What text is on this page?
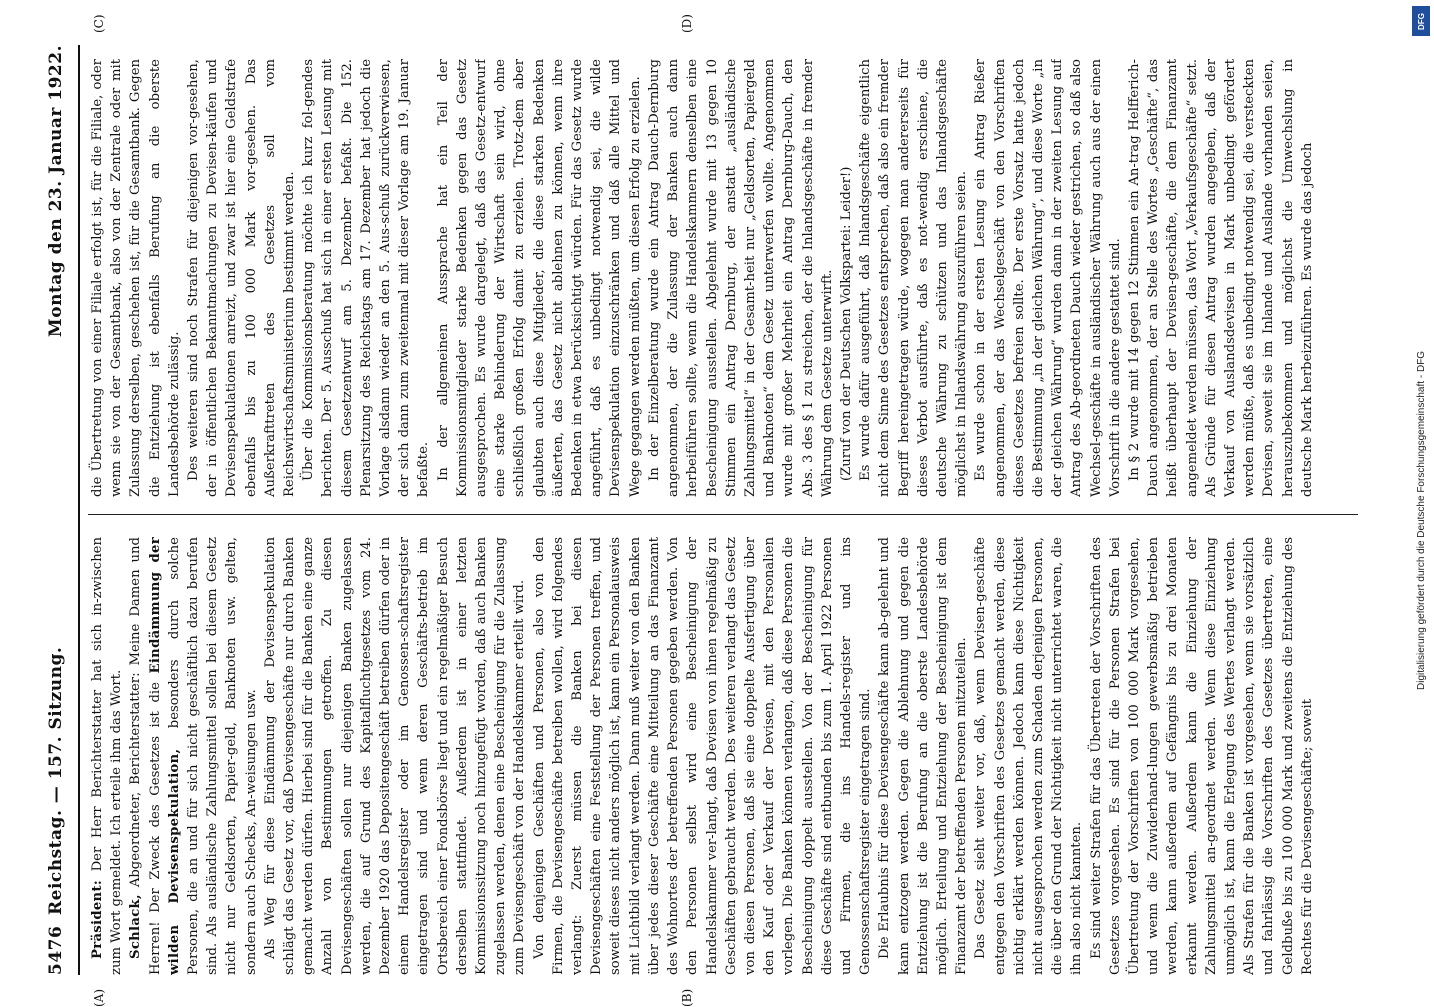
5476
Reichstag. — 157. Sitzung.
Montag den 23. Januar 1922.
(A)	(B)

Präsident: Der Herr Berichterstatter hat sich in-zwischen zum Wort gemeldet. Ich erteile ihm das Wort. Schlack, Abgeordneter, Berichterstatter: Meine Damen und Herren! Der Zweck des Gesetzes ist die Eindämmung der wilden Devisenspekulation, besonders durch solche Personen, die an und für sich nicht geschäftlich dazu berufen sind. Als ausländische Zahlungsmittel sollen bei diesem Gesetz nicht nur Geldsorten, Papier-geld, Banknoten usw. gelten, sondern auch Schecks, An-weisungen usw. Als Weg für diese Eindämmung der Devisenspekulation schlägt das Gesetz vor, daß Devisengeschäfte nur durch Banken gemacht werden dürfen. Hierbei sind für die Banken eine ganze Anzahl von Bestimmungen getroffen. Zu diesen Devisengeschäften sollen nur diejenigen Banken zugelassen werden, die auf Grund des Kapitalfluchtgesetzes vom 24. Dezember 1920 das Depositengeschäft betreiben dürfen oder in einem Handelsregister oder im Genossen-schaftsregister eingetragen sind und wenn deren Geschäfts-betrieb im Ortsbereich einer Fondsbörse liegt und ein regelmäßiger Besuch derselben stattfindet. Außerdem ist in einer letzten Kommissionssitzung noch hinzugefügt worden, daß auch Banken zugelassen werden, denen eine Bescheinigung für die Zulassung zum Devisengeschäft von der Handelskammer erteilt wird. Von denjenigen Geschäften und Personen, also von den Firmen, die Devisengeschäfte betreiben wollen, wird folgendes verlangt: Zuerst müssen die Banken bei diesen Devisengeschäften eine Feststellung der Personen treffen, und soweit dieses nicht anders möglich ist, kann ein Personalausweis mit Lichtbild verlangt werden. Dann muß weiter von den Banken über jedes dieser Geschäfte eine Mitteilung an das Finanzamt des Wohnortes der betreffenden Personen gegeben werden. Von den Personen selbst wird eine Bescheinigung der Handelskammer ver-langt, daß Devisen von ihnen regelmäßig zu Geschäften gebraucht werden. Des weiteren verlangt das Gesetz von diesen Personen, daß sie eine doppelte Ausfertigung über den Kauf oder Verkauf der Devisen, mit den Personalien vorlegen. Die Banken können verlangen, daß diese Personen die Bescheinigung doppelt ausstellen. Von der Bescheinigung für diese Geschäfte sind entbunden bis zum 1. April 1922 Personen und Firmen, die ins Handels-register und ins Genossenschaftsregister eingetragen sind. Die Erlaubnis für diese Devisengeschäfte kann ab-gelehnt und kann entzogen werden. Gegen die Ablehnung und gegen die Entziehung ist die Berufung an die oberste Landesbehörde möglich. Erteilung und Entziehung der Bescheinigung ist dem Finanzamt der betreffenden Personen mitzuteilen. Das Gesetz sieht weiter vor, daß, wenn Devisen-geschäfte entgegen den Vorschriften des Gesetzes gemacht werden, diese nichtig erklärt werden können. Jedoch kann diese Nichtigkeit nicht ausgesprochen werden zum Schaden derjenigen Personen, die über den Grund der Nichtigkeit nicht unterrichtet waren, die ihn also nicht kannten. Es sind weiter Strafen für das Übertreten der Vorschriften des Gesetzes vorgesehen. Es sind für die Personen Strafen bei Übertretung der Vorschriften von 100 000 Mark vorgesehen, und wenn die Zuwiderhand-lungen gewerbsmäßig betrieben werden, kann außerdem auf Gefängnis bis zu drei Monaten erkannt werden. Außerdem kann die Einziehung der Zahlungsmittel an-geordnet werden. Wenn diese Einziehung unmöglich ist, kann die Erlegung des Wertes verlangt werden. Als Strafen für die Banken ist vorgesehen, wenn sie vorsätzlich und fahrlässig die Vorschriften des Gesetzes übertreten, eine Geldbuße bis zu 100 000 Mark und zweitens die Entziehung des Rechtes für die Devisengeschäfte; soweit

die Übertretung von einer Filiale erfolgt ist, für die Filiale, oder wenn sie von der Gesamtbank, also von der Zentrale oder mit Zulassung derselben, geschehen ist, für die Gesamtbank. Gegen die Entziehung ist ebenfalls Berufung an die oberste Landesbehörde zulässig. Des weiteren sind noch Strafen für diejenigen vor-gesehen, der in öffentlichen Bekanntmachungen zu Devisen-käufen und Devisenspekulationen anreizt, und zwar ist hier eine Geldstrafe ebenfalls bis zu 100 000 Mark vor-gesehen. Das Außerkrafttreten des Gesetzes soll vom Reichswirtschaftsministerium bestimmt werden. Über die Kommissionsberatung möchte ich kurz fol-gendes berichten. Der 5. Ausschuß hat sich in einer ersten Lesung mit diesem Gesetzentwurf am 5. Dezember befaßt. Die 152. Plenarsitzung des Reichstags am 17. Dezember hat jedoch die Vorlage alsdann wieder an den 5. Aus-schuß zurückverwiesen, der sich dann zum zweitenmal mit dieser Vorlage am 19. Januar befaßte. In der allgemeinen Aussprache hat ein Teil der Kommissionsmitglieder starke Bedenken gegen das Gesetz ausgesprochen. Es wurde dargelegt, daß das Gesetz-entwurf eine starke Behinderung der Wirtschaft sein wird, ohne schließlich großen Erfolg damit zu erzielen. Trotz-dem aber glaubten auch diese Mitglieder, die diese starken Bedenken äußerten, das Gesetz nicht ablehnen zu können, wenn ihre Bedenken in etwa berücksichtigt würden. Für das Gesetz wurde angeführt, daß es unbedingt notwendig sei, die wilde Devisenspekulation einzuschränken und daß alle Mittel und Wege gegangen werden müßten, um diesen Erfolg zu erzielen. In der Einzelberatung wurde ein Antrag Dauch-Dernburg angenommen, der die Zulassung der Banken auch dann herbeiführen sollte, wenn die Handelskammern denselben eine Bescheinigung ausstellen. Abgelehnt wurde mit 13 gegen 10 Stimmen ein Antrag Dernburg, der anstatt „ausländische Zahlungsmittel“ in der Gesamt-heit nur „Geldsorten, Papiergeld und Banknoten“ dem Gesetz unterwerfen wollte. Angenommen wurde mit großer Mehrheit ein Antrag Dernburg-Dauch, den Abs. 3 des § 1 zu streichen, der die Inlandsgeschäfte in fremder Währung dem Gesetze unterwirft. (Zuruf von der Deutschen Volkspartei: Leider!) Es wurde dafür ausgeführt, daß Inlandsgeschäfte eigentlich nicht dem Sinne des Gesetzes entsprechen, daß also ein fremder Begriff hereingetragen würde, wogegen man andererseits für dieses Verbot ausführte, daß es not-wendig erschiene, die deutsche Währung zu schützen und das Inlandsgeschäfte möglichst in Inlandswährung auszuführen seien. Es wurde schon in der ersten Lesung ein Antrag Rießer angenommen, der das Wechselgeschäft von den Vorschriften dieses Gesetzes befreien sollte. Der erste Vorsatz hatte jedoch die Bestimmung „in der gleichen Währung“, und diese Worte „in der gleichen Währung“ wurden dann in der zweiten Lesung auf Antrag des Ab-geordneten Dauch wieder gestrichen, so daß also Wechsel-geschäfte in ausländischer Währung auch aus der einen Vorschrift in die andere gestattet sind. In § 2 wurde mit 14 gegen 12 Stimmen ein An-trag Helfferich-Dauch angenommen, der an Stelle des Wortes „Geschäfte“, das heißt überhaupt der Devisen-geschäfte, die dem Finanzamt angemeldet werden müssen, das Wort „Verkaufsgeschäfte“ setzt. Als Gründe für diesen Antrag wurden angegeben, daß der Verkauf von Auslandsdevisen in Mark unbedingt gefördert werden müßte, daß es unbedingt notwendig sei, die versteckten Devisen, soweit sie im Inlande und Auslande vorhanden seien, herauszubekommen und möglichst die Umwechslung in deutsche Mark herbeizuführen. Es wurde das jedoch

(C)	(D)	DFG
Digitalisierung gefördert durch die Deutsche Forschungsgemeinschaft - DFG
